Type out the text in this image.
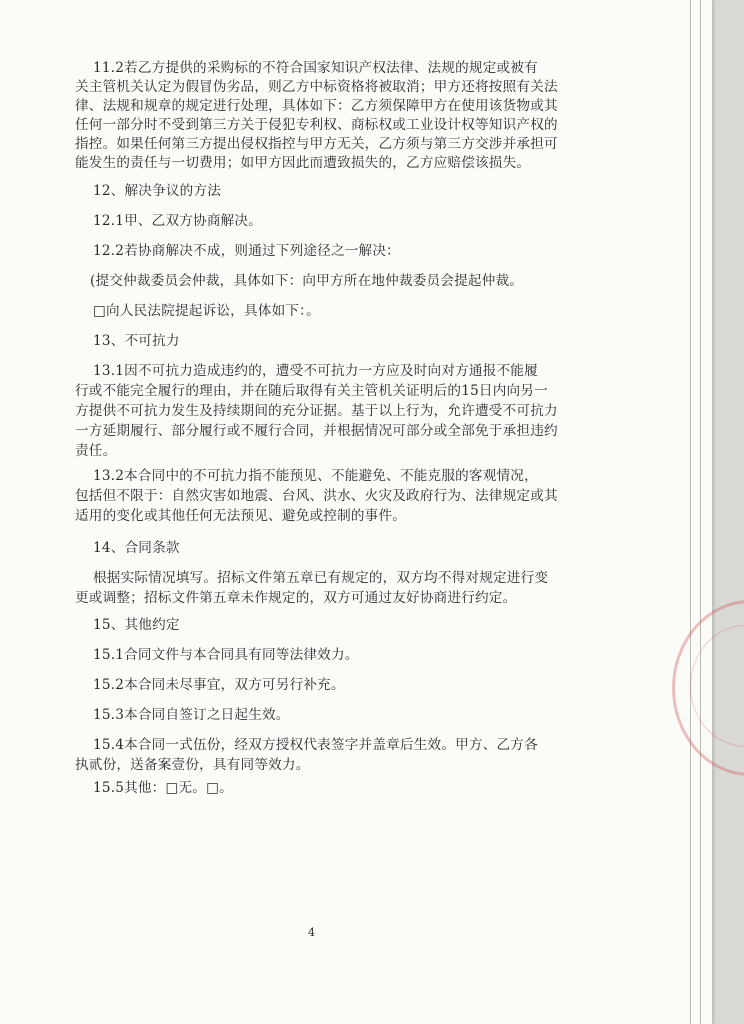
11.2若乙方提供的采购标的不符合国家知识产权法律、法规的规定或被有
关主管机关认定为假冒伪劣品，则乙方中标资格将被取消；甲方还将按照有关法
律、法规和规章的规定进行处理，具体如下：乙方须保障甲方在使用该货物或其
任何一部分时不受到第三方关于侵犯专利权、商标权或工业设计权等知识产权的
指控。如果任何第三方提出侵权指控与甲方无关，乙方须与第三方交涉并承担可
能发生的责任与一切费用；如甲方因此而遭致损失的，乙方应赔偿该损失。
12、解决争议的方法
12.1甲、乙双方协商解决。
12.2若协商解决不成，则通过下列途径之一解决：
(提交仲裁委员会仲裁，具体如下：向甲方所在地仲裁委员会提起仲裁。
□向人民法院提起诉讼，具体如下：。
13、不可抗力
13.1因不可抗力造成违约的，遭受不可抗力一方应及时向对方通报不能履
行或不能完全履行的理由，并在随后取得有关主管机关证明后的15日内向另一
方提供不可抗力发生及持续期间的充分证据。基于以上行为，允许遭受不可抗力
一方延期履行、部分履行或不履行合同，并根据情况可部分或全部免于承担违约
责任。
13.2本合同中的不可抗力指不能预见、不能避免、不能克服的客观情况，
包括但不限于：自然灾害如地震、台风、洪水、火灾及政府行为、法律规定或其
适用的变化或其他任何无法预见、避免或控制的事件。
14、合同条款
根据实际情况填写。招标文件第五章已有规定的，双方均不得对规定进行变
更或调整；招标文件第五章未作规定的，双方可通过友好协商进行约定。
15、其他约定
15.1合同文件与本合同具有同等法律效力。
15.2本合同未尽事宜，双方可另行补充。
15.3本合同自签订之日起生效。
15.4本合同一式伍份，经双方授权代表签字并盖章后生效。甲方、乙方各
执贰份，送备案壹份，具有同等效力。
15.5其他：□无。□。
4
